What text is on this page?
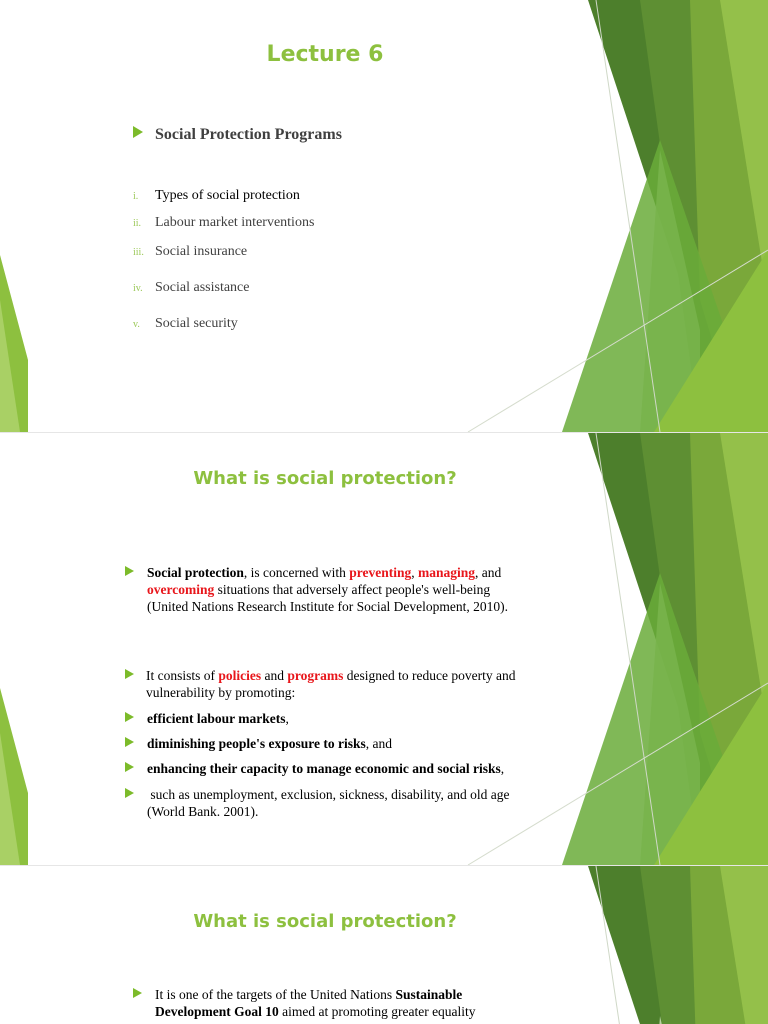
Lecture 6
Social Protection Programs
i.	Types of social protection
ii. Labour market interventions
iii. Social insurance
iv. Social assistance
v.	Social security
What is social protection?
Social protection, is concerned with preventing, managing, and overcoming situations that adversely affect people's well-being (United Nations Research Institute for Social Development, 2010).
It consists of policies and programs designed to reduce poverty and vulnerability by promoting:
efficient labour markets,
diminishing people's exposure to risks, and
enhancing their capacity to manage economic and social risks,
such as unemployment, exclusion, sickness, disability, and old age (World Bank. 2001).
What is social protection?
It is one of the targets of the United Nations Sustainable Development Goal 10 aimed at promoting greater equality
